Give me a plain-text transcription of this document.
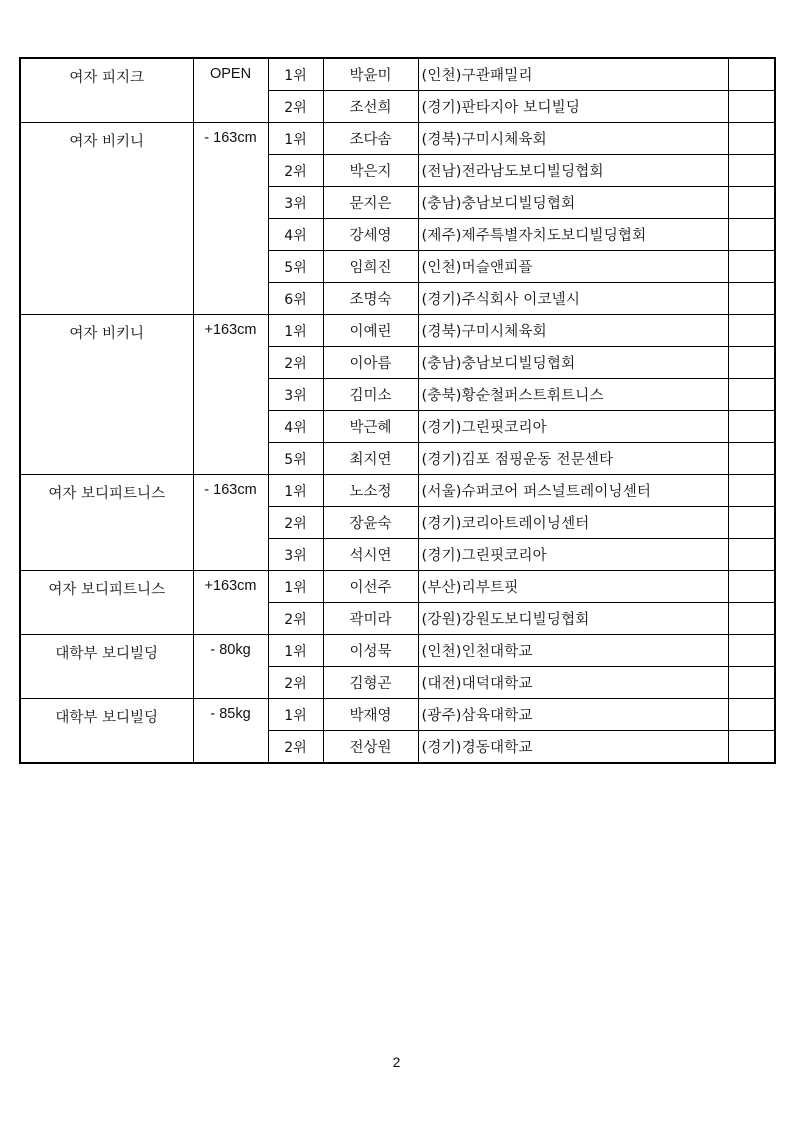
여자 피지크	OPEN	1위	박윤미	(인천)구관패밀리	
		2위	조선희	(경기)판타지아 보디빌딩	
여자 비키니	- 163cm	1위	조다솜	(경북)구미시체육회	
		2위	박은지	(전남)전라남도보디빌딩협회	
		3위	문지은	(충남)충남보디빌딩협회	
		4위	강세영	(제주)제주특별자치도보디빌딩협회	
		5위	임희진	(인천)머슬앤피플	
		6위	조명숙	(경기)주식회사 이코넬시	
여자 비키니	+163cm	1위	이예린	(경북)구미시체육회	
		2위	이아름	(충남)충남보디빌딩협회	
		3위	김미소	(충북)황순철퍼스트휘트니스	
		4위	박근혜	(경기)그린핏코리아	
		5위	최지연	(경기)김포 점핑운동 전문센타	
여자 보디피트니스	- 163cm	1위	노소정	(서울)슈퍼코어 퍼스널트레이닝센터	
		2위	장윤숙	(경기)코리아트레이닝센터	
		3위	석시연	(경기)그린핏코리아	
여자 보디피트니스	+163cm	1위	이선주	(부산)리부트핏	
		2위	곽미라	(강원)강원도보디빌딩협회	
대학부 보디빌딩	- 80kg	1위	이성묵	(인천)인천대학교	
		2위	김형곤	(대전)대덕대학교	
대학부 보디빌딩	- 85kg	1위	박재영	(광주)삼육대학교	
		2위	전상원	(경기)경동대학교	
2
